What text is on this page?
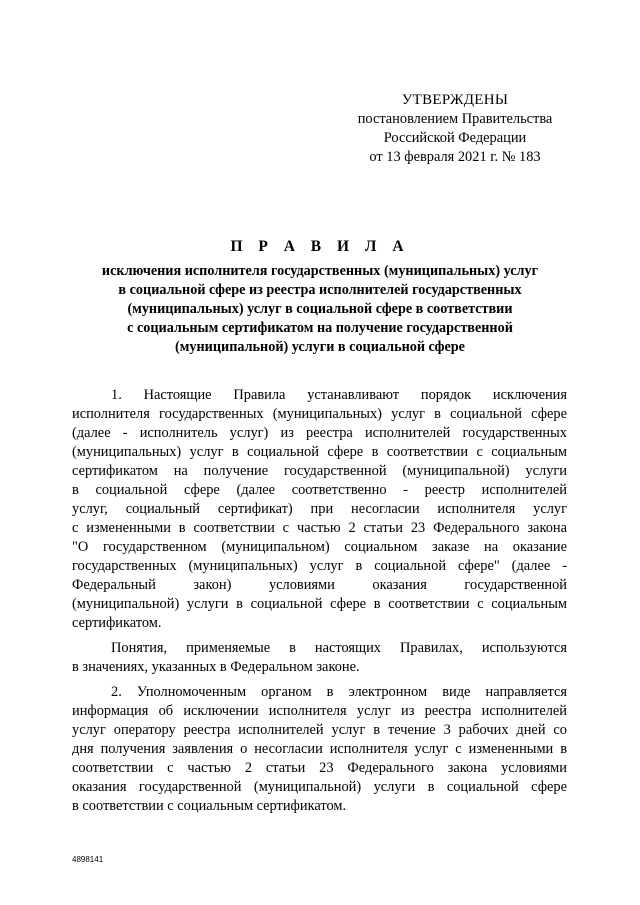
УТВЕРЖДЕНЫ
постановлением Правительства
Российской Федерации
от 13 февраля 2021 г. № 183
П Р А В И Л А
исключения исполнителя государственных (муниципальных) услуг
в социальной сфере из реестра исполнителей государственных
(муниципальных) услуг в социальной сфере в соответствии
с социальным сертификатом на получение государственной
(муниципальной) услуги в социальной сфере
1. Настоящие Правила устанавливают порядок исключения
исполнителя государственных (муниципальных) услуг в социальной сфере
(далее - исполнитель услуг) из реестра исполнителей государственных
(муниципальных) услуг в социальной сфере в соответствии с социальным
сертификатом на получение государственной (муниципальной) услуги
в социальной сфере (далее соответственно - реестр исполнителей
услуг, социальный сертификат) при несогласии исполнителя услуг
с измененными в соответствии с частью 2 статьи 23 Федерального закона
"О государственном (муниципальном) социальном заказе на оказание
государственных (муниципальных) услуг в социальной сфере" (далее -
Федеральный закон) условиями оказания государственной
(муниципальной) услуги в социальной сфере в соответствии с социальным
сертификатом.
Понятия, применяемые в настоящих Правилах, используются
в значениях, указанных в Федеральном законе.
2. Уполномоченным органом в электронном виде направляется
информация об исключении исполнителя услуг из реестра исполнителей
услуг оператору реестра исполнителей услуг в течение 3 рабочих дней со
дня получения заявления о несогласии исполнителя услуг с измененными в
соответствии с частью 2 статьи 23 Федерального закона условиями
оказания государственной (муниципальной) услуги в социальной сфере
в соответствии с социальным сертификатом.
4898141
